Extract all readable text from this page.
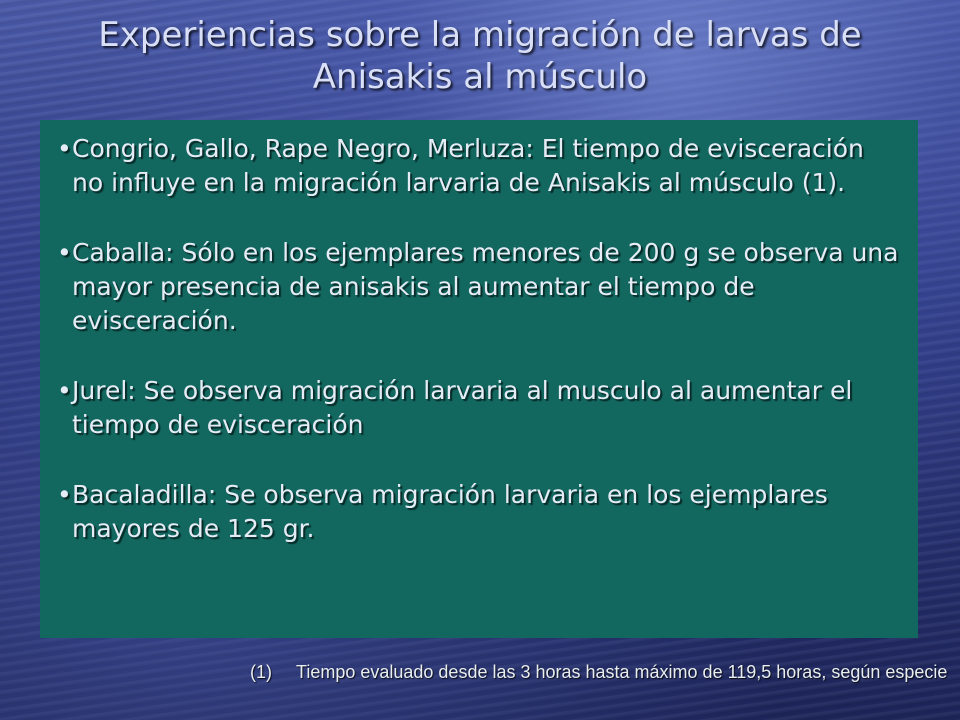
Experiencias sobre la migración de larvas de Anisakis al músculo
• Congrio, Gallo, Rape Negro, Merluza: El tiempo de evisceración no influye en la migración larvaria de Anisakis al músculo (1).
• Caballa: Sólo en los ejemplares menores de 200 g se observa una mayor presencia de anisakis al aumentar el tiempo de evisceración.
• Jurel: Se observa migración larvaria al musculo al aumentar el tiempo de evisceración
• Bacaladilla: Se observa migración larvaria en los ejemplares mayores de 125 gr.
(1)	Tiempo evaluado desde las 3 horas hasta máximo de 119,5 horas, según especie
